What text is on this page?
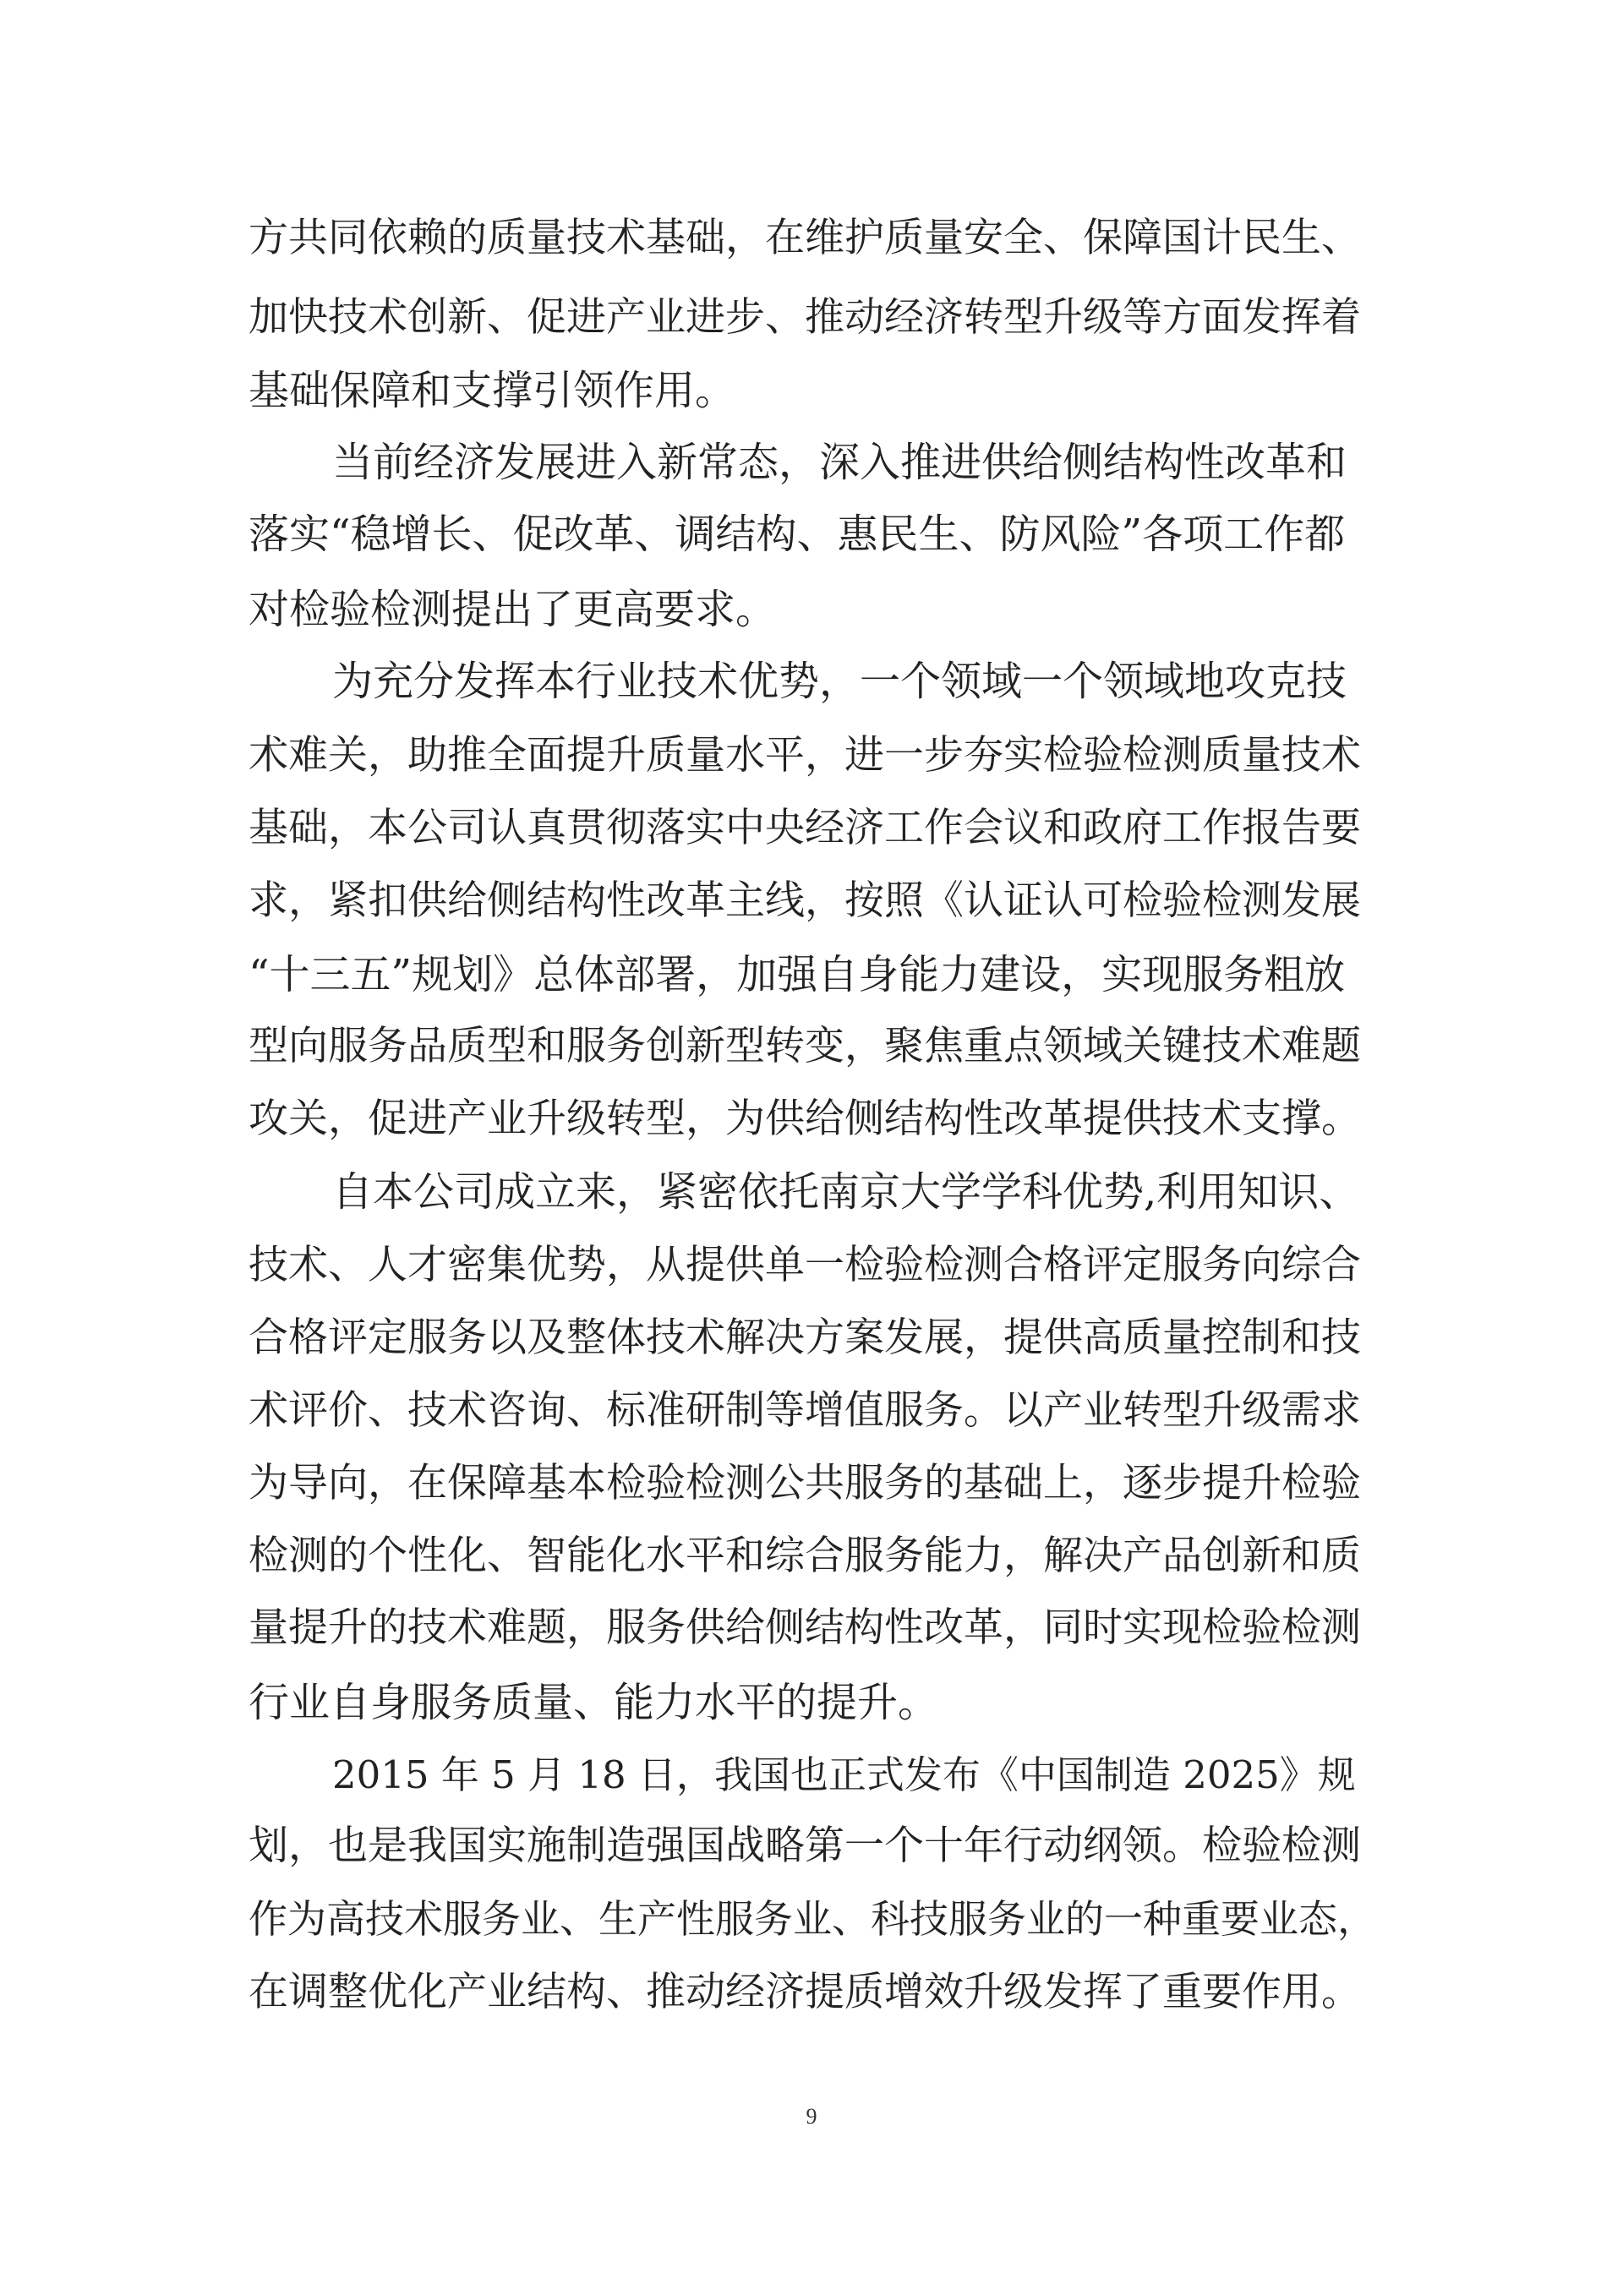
方共同依赖的质量技术基础，在维护质量安全、保障国计民生、
加快技术创新、促进产业进步、推动经济转型升级等方面发挥着
基础保障和支撑引领作用。
当前经济发展进入新常态，深入推进供给侧结构性改革和
落实“稳增长、促改革、调结构、惠民生、防风险”各项工作都
对检验检测提出了更高要求。
为充分发挥本行业技术优势，一个领域一个领域地攻克技
术难关，助推全面提升质量水平，进一步夯实检验检测质量技术
基础，本公司认真贯彻落实中央经济工作会议和政府工作报告要
求，紧扣供给侧结构性改革主线，按照《认证认可检验检测发展
“十三五”规划》总体部署，加强自身能力建设，实现服务粗放
型向服务品质型和服务创新型转变，聚焦重点领域关键技术难题
攻关，促进产业升级转型，为供给侧结构性改革提供技术支撑。
自本公司成立来，紧密依托南京大学学科优势,利用知识、
技术、人才密集优势，从提供单一检验检测合格评定服务向综合
合格评定服务以及整体技术解决方案发展，提供高质量控制和技
术评价、技术咨询、标准研制等增值服务。以产业转型升级需求
为导向，在保障基本检验检测公共服务的基础上，逐步提升检验
检测的个性化、智能化水平和综合服务能力，解决产品创新和质
量提升的技术难题，服务供给侧结构性改革，同时实现检验检测
行业自身服务质量、能力水平的提升。
2015 年 5 月 18 日，我国也正式发布《中国制造 2025》规
划，也是我国实施制造强国战略第一个十年行动纲领。检验检测
作为高技术服务业、生产性服务业、科技服务业的一种重要业态，
在调整优化产业结构、推动经济提质增效升级发挥了重要作用。
9
